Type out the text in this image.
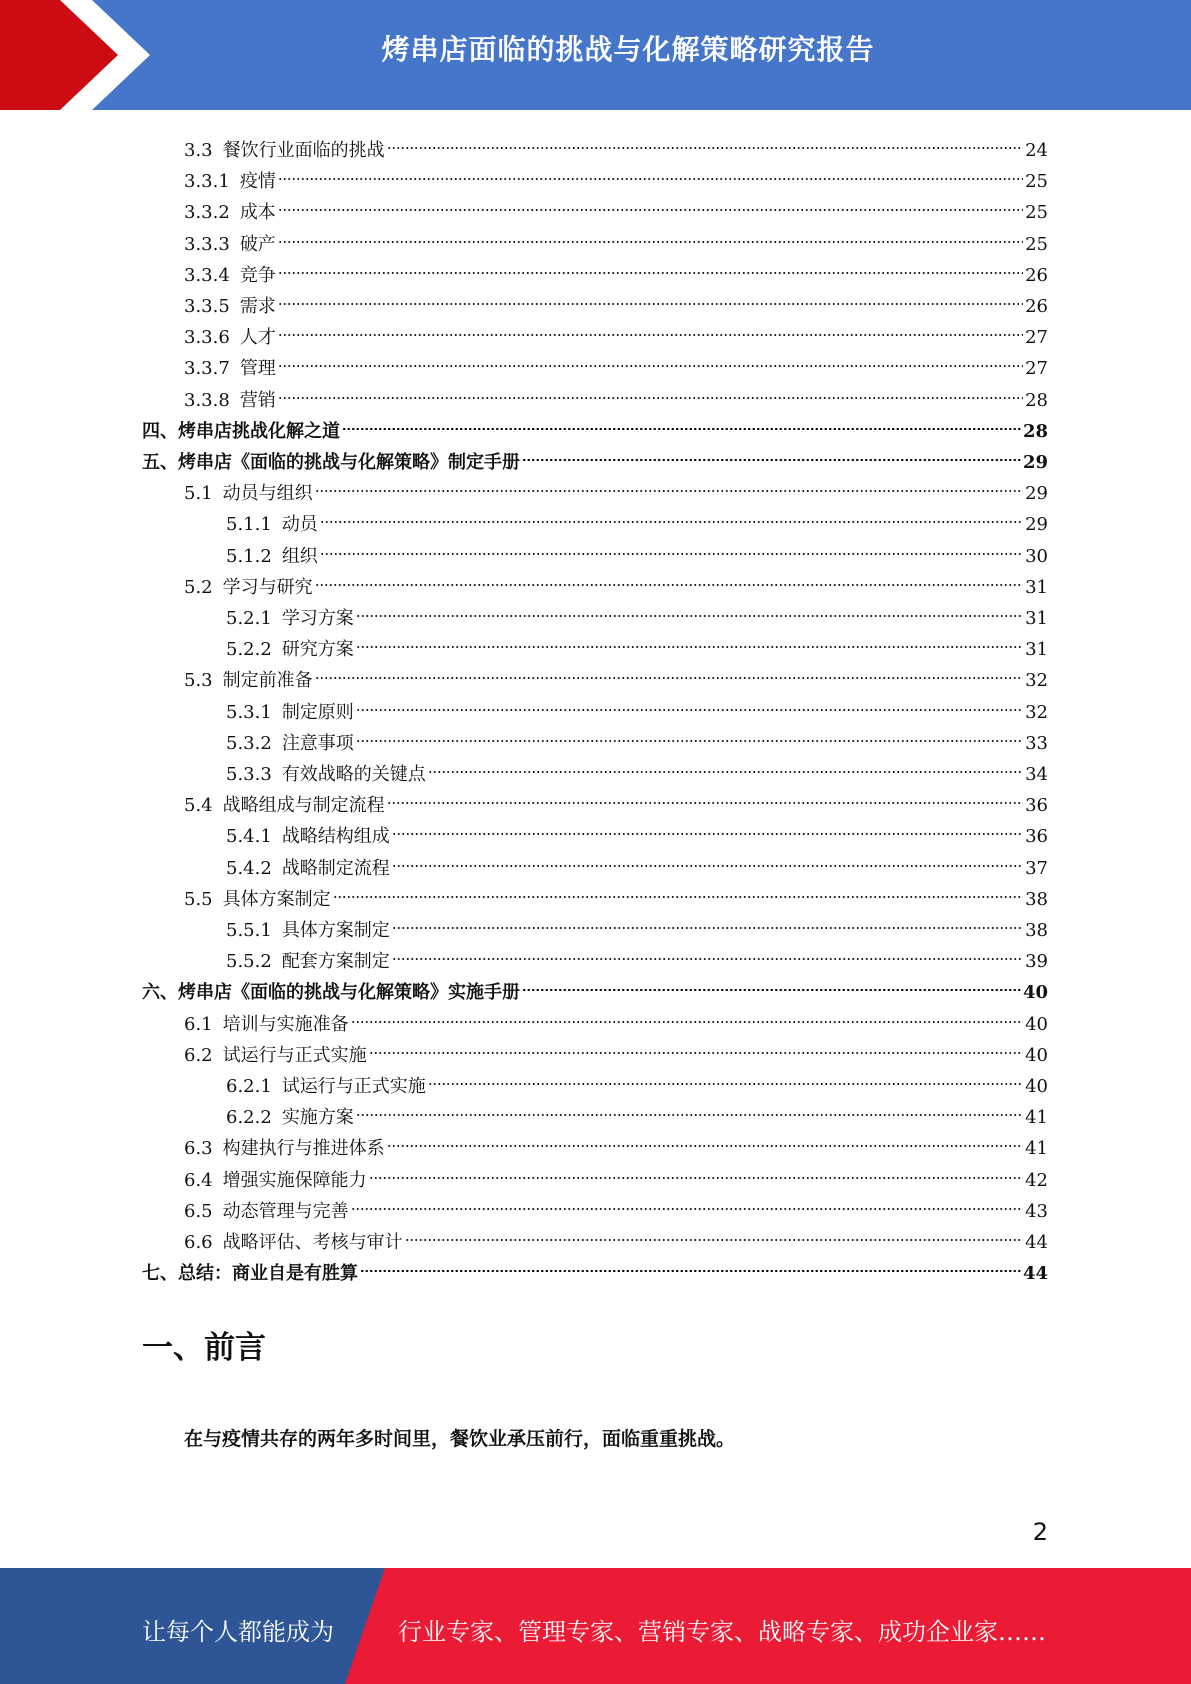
烤串店面临的挑战与化解策略研究报告
3.3 餐饮行业面临的挑战	24
3.3.1 疫情	25
3.3.2 成本	25
3.3.3 破产	25
3.3.4 竞争	26
3.3.5 需求	26
3.3.6 人才	27
3.3.7 管理	27
3.3.8 营销	28
四、 烤串店挑战化解之道	28
五、 烤串店《面临的挑战与化解策略》制定手册	29
5.1 动员与组织	29
5.1.1 动员	29
5.1.2 组织	30
5.2 学习与研究	31
5.2.1 学习方案	31
5.2.2 研究方案	31
5.3 制定前准备	32
5.3.1 制定原则	32
5.3.2 注意事项	33
5.3.3 有效战略的关键点	34
5.4 战略组成与制定流程	36
5.4.1 战略结构组成	36
5.4.2 战略制定流程	37
5.5 具体方案制定	38
5.5.1 具体方案制定	38
5.5.2 配套方案制定	39
六、 烤串店《面临的挑战与化解策略》实施手册	40
6.1 培训与实施准备	40
6.2 试运行与正式实施	40
6.2.1 试运行与正式实施	40
6.2.2 实施方案	41
6.3 构建执行与推进体系	41
6.4 增强实施保障能力	42
6.5 动态管理与完善	43
6.6 战略评估、考核与审计	44
七、 总结：商业自是有胜算	44
一、前言
在与疫情共存的两年多时间里，餐饮业承压前行，面临重重挑战。
2
让每个人都能成为	行业专家、管理专家、营销专家、战略专家、成功企业家……
